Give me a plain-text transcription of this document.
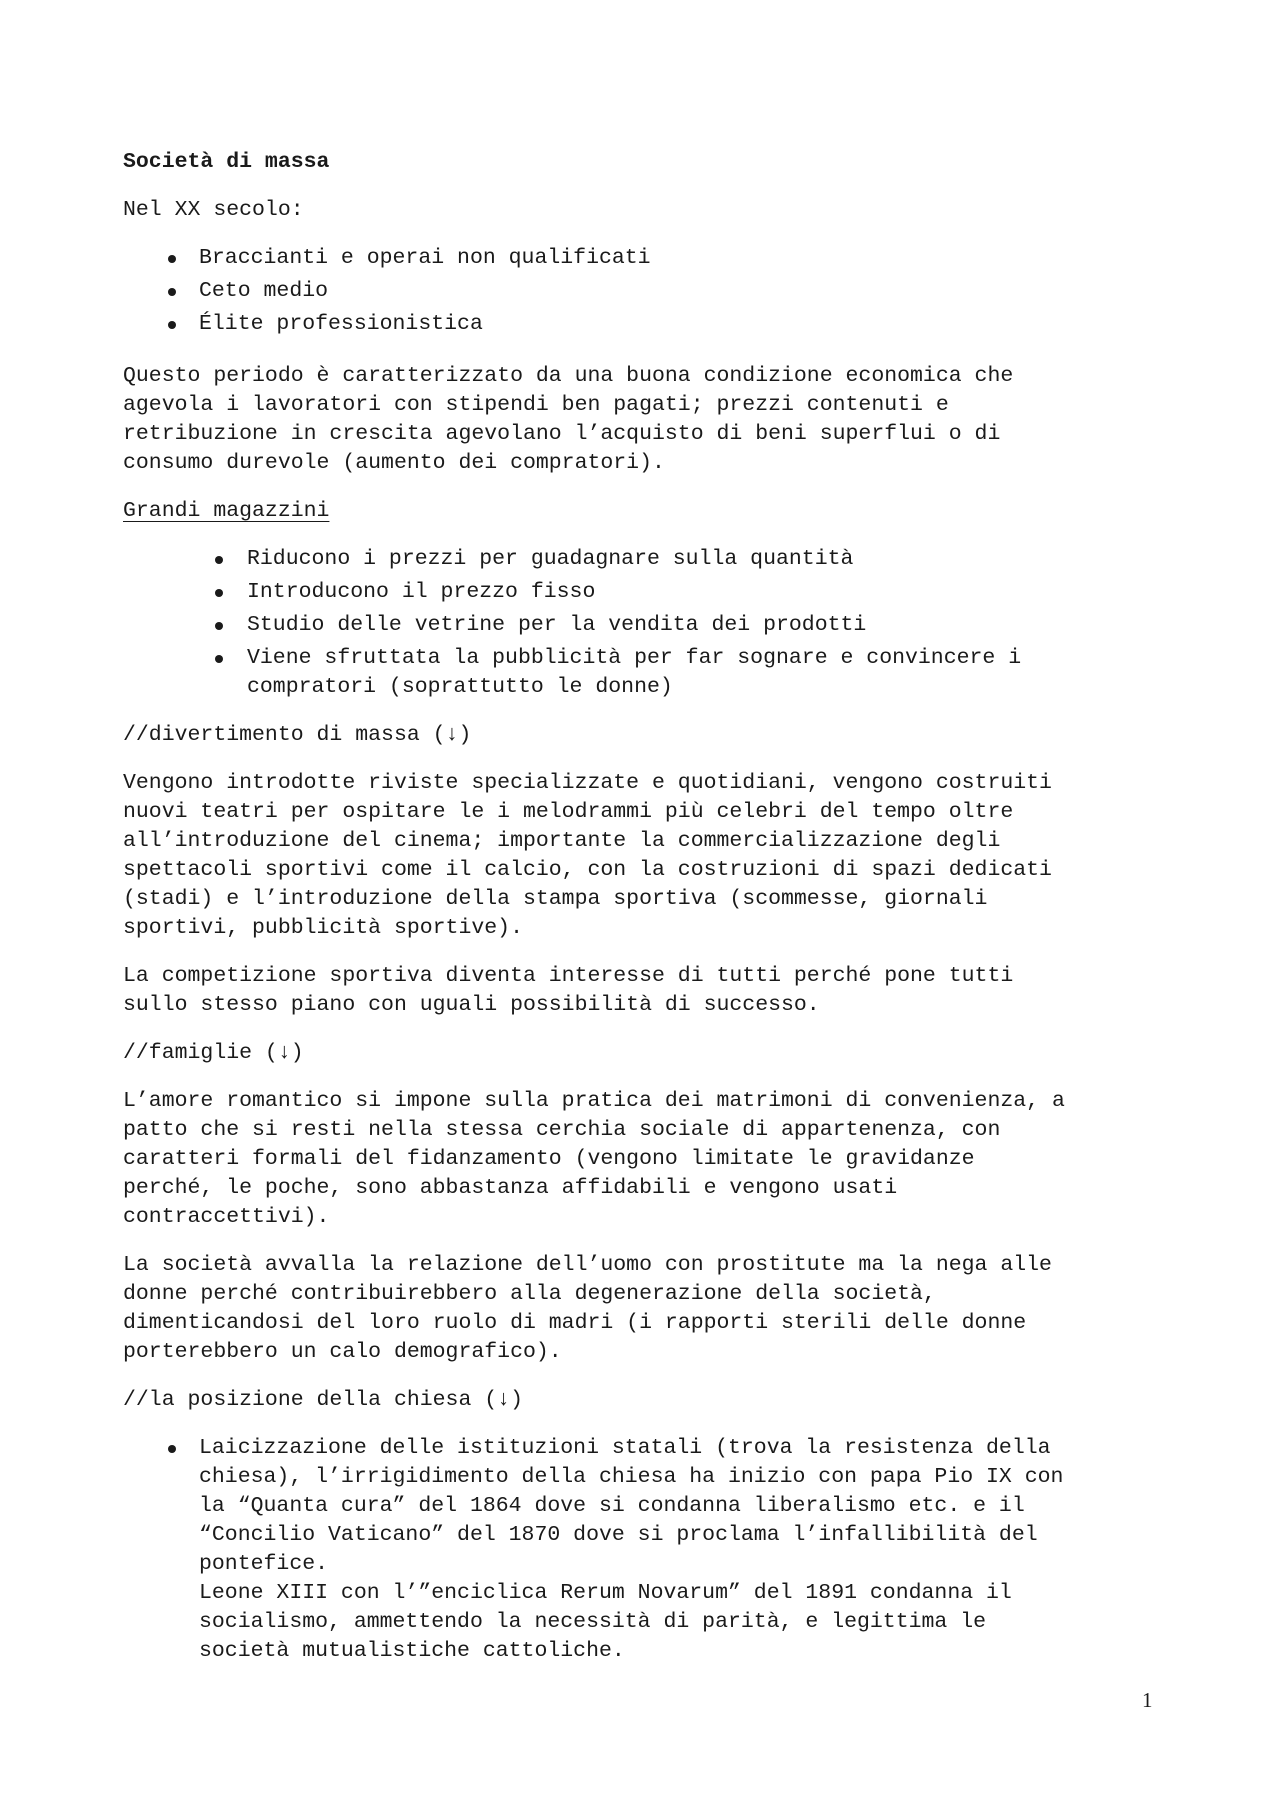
Società di massa

Nel XX secolo:

Braccianti e operai non qualificati
Ceto medio
Élite professionistica

Questo periodo è caratterizzato da una buona condizione economica che
agevola i lavoratori con stipendi ben pagati; prezzi contenuti e
retribuzione in crescita agevolano l’acquisto di beni superflui o di
consumo durevole (aumento dei compratori).

Grandi magazzini

Riducono i prezzi per guadagnare sulla quantità
Introducono il prezzo fisso
Studio delle vetrine per la vendita dei prodotti
Viene sfruttata la pubblicità per far sognare e convincere i
compratori (soprattutto le donne)
//divertimento di massa (↓)

Vengono introdotte riviste specializzate e quotidiani, vengono costruiti
nuovi teatri per ospitare le i melodrammi più celebri del tempo oltre
all’introduzione del cinema; importante la commercializzazione degli
spettacoli sportivi come il calcio, con la costruzioni di spazi dedicati
(stadi) e l’introduzione della stampa sportiva (scommesse, giornali
sportivi, pubblicità sportive).

La competizione sportiva diventa interesse di tutti perché pone tutti
sullo stesso piano con uguali possibilità di successo.

//famiglie (↓)

L’amore romantico si impone sulla pratica dei matrimoni di convenienza, a
patto che si resti nella stessa cerchia sociale di appartenenza, con
caratteri formali del fidanzamento (vengono limitate le gravidanze
perché, le poche, sono abbastanza affidabili e vengono usati
contraccettivi).

La società avvalla la relazione dell’uomo con prostitute ma la nega alle
donne perché contribuirebbero alla degenerazione della società,
dimenticandosi del loro ruolo di madri (i rapporti sterili delle donne
porterebbero un calo demografico).

//la posizione della chiesa (↓)
Laicizzazione delle istituzioni statali (trova la resistenza della
chiesa), l’irrigidimento della chiesa ha inizio con papa Pio IX con
la “Quanta cura” del 1864 dove si condanna liberalismo etc. e il
“Concilio Vaticano” del 1870 dove si proclama l’infallibilità del
pontefice.
Leone XIII con l’”enciclica Rerum Novarum” del 1891 condanna il
socialismo, ammettendo la necessità di parità, e legittima le
società mutualistiche cattoliche.
1
